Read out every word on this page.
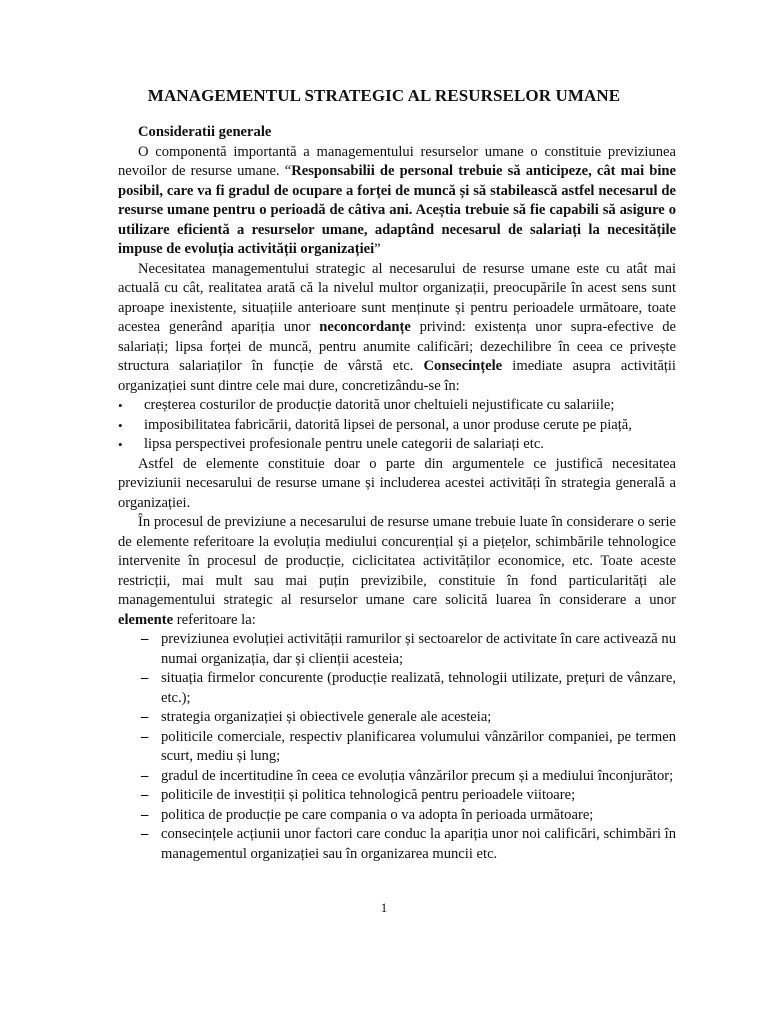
MANAGEMENTUL STRATEGIC AL RESURSELOR UMANE

Consideratii generale

O componentă importantă a managementului resurselor umane o constituie previziunea nevoilor de resurse umane. “Responsabilii de personal trebuie să anticipeze, cât mai bine posibil, care va fi gradul de ocupare a forței de muncă și să stabilească astfel necesarul de resurse umane pentru o perioadă de câtiva ani. Aceștia trebuie să fie capabili să asigure o utilizare eficientă a resurselor umane, adaptând necesarul de salariați la necesitățile impuse de evoluția activității organizației”

Necesitatea managementului strategic al necesarului de resurse umane este cu atât mai actuală cu cât, realitatea arată că la nivelul multor organizații, preocupările în acest sens sunt aproape inexistente, situațiile anterioare sunt menținute și pentru perioadele următoare, toate acestea generând apariția unor neconcordanțe privind: existența unor supra-efective de salariați; lipsa forței de muncă, pentru anumite calificări; dezechilibre în ceea ce privește structura salariaților în funcție de vârstă etc. Consecințele imediate asupra activității organizației sunt dintre cele mai dure, concretizându-se în:

• creșterea costurilor de producție datorită unor cheltuieli nejustificate cu salariile;
• imposibilitatea fabricării, datorită lipsei de personal, a unor produse cerute pe piață,
• lipsa perspectivei profesionale pentru unele categorii de salariați etc.

Astfel de elemente constituie doar o parte din argumentele ce justifică necesitatea previziunii necesarului de resurse umane și includerea acestei activități în strategia generală a organizației.

În procesul de previziune a necesarului de resurse umane trebuie luate în considerare o serie de elemente referitoare la evoluția mediului concurențial și a piețelor, schimbările tehnologice intervenite în procesul de producție, ciclicitatea activităților economice, etc. Toate aceste restricții, mai mult sau mai puțin previzibile, constituie în fond particularități ale managementului strategic al resurselor umane care solicită luarea în considerare a unor elemente referitoare la:

– previziunea evoluției activității ramurilor și sectoarelor de activitate în care activează nu numai organizația, dar și clienții acesteia;
– situația firmelor concurente (producție realizată, tehnologii utilizate, prețuri de vânzare, etc.);
– strategia organizației și obiectivele generale ale acesteia;
– politicile comerciale, respectiv planificarea volumului vânzărilor companiei, pe termen scurt, mediu și lung;
– gradul de incertitudine în ceea ce evoluția vânzărilor precum și a mediului înconjurător;
– politicile de investiții și politica tehnologică pentru perioadele viitoare;
– politica de producție pe care compania o va adopta în perioada următoare;
– consecințele acțiunii unor factori care conduc la apariția unor noi calificări, schimbări în managementul organizației sau în organizarea muncii etc.
1
